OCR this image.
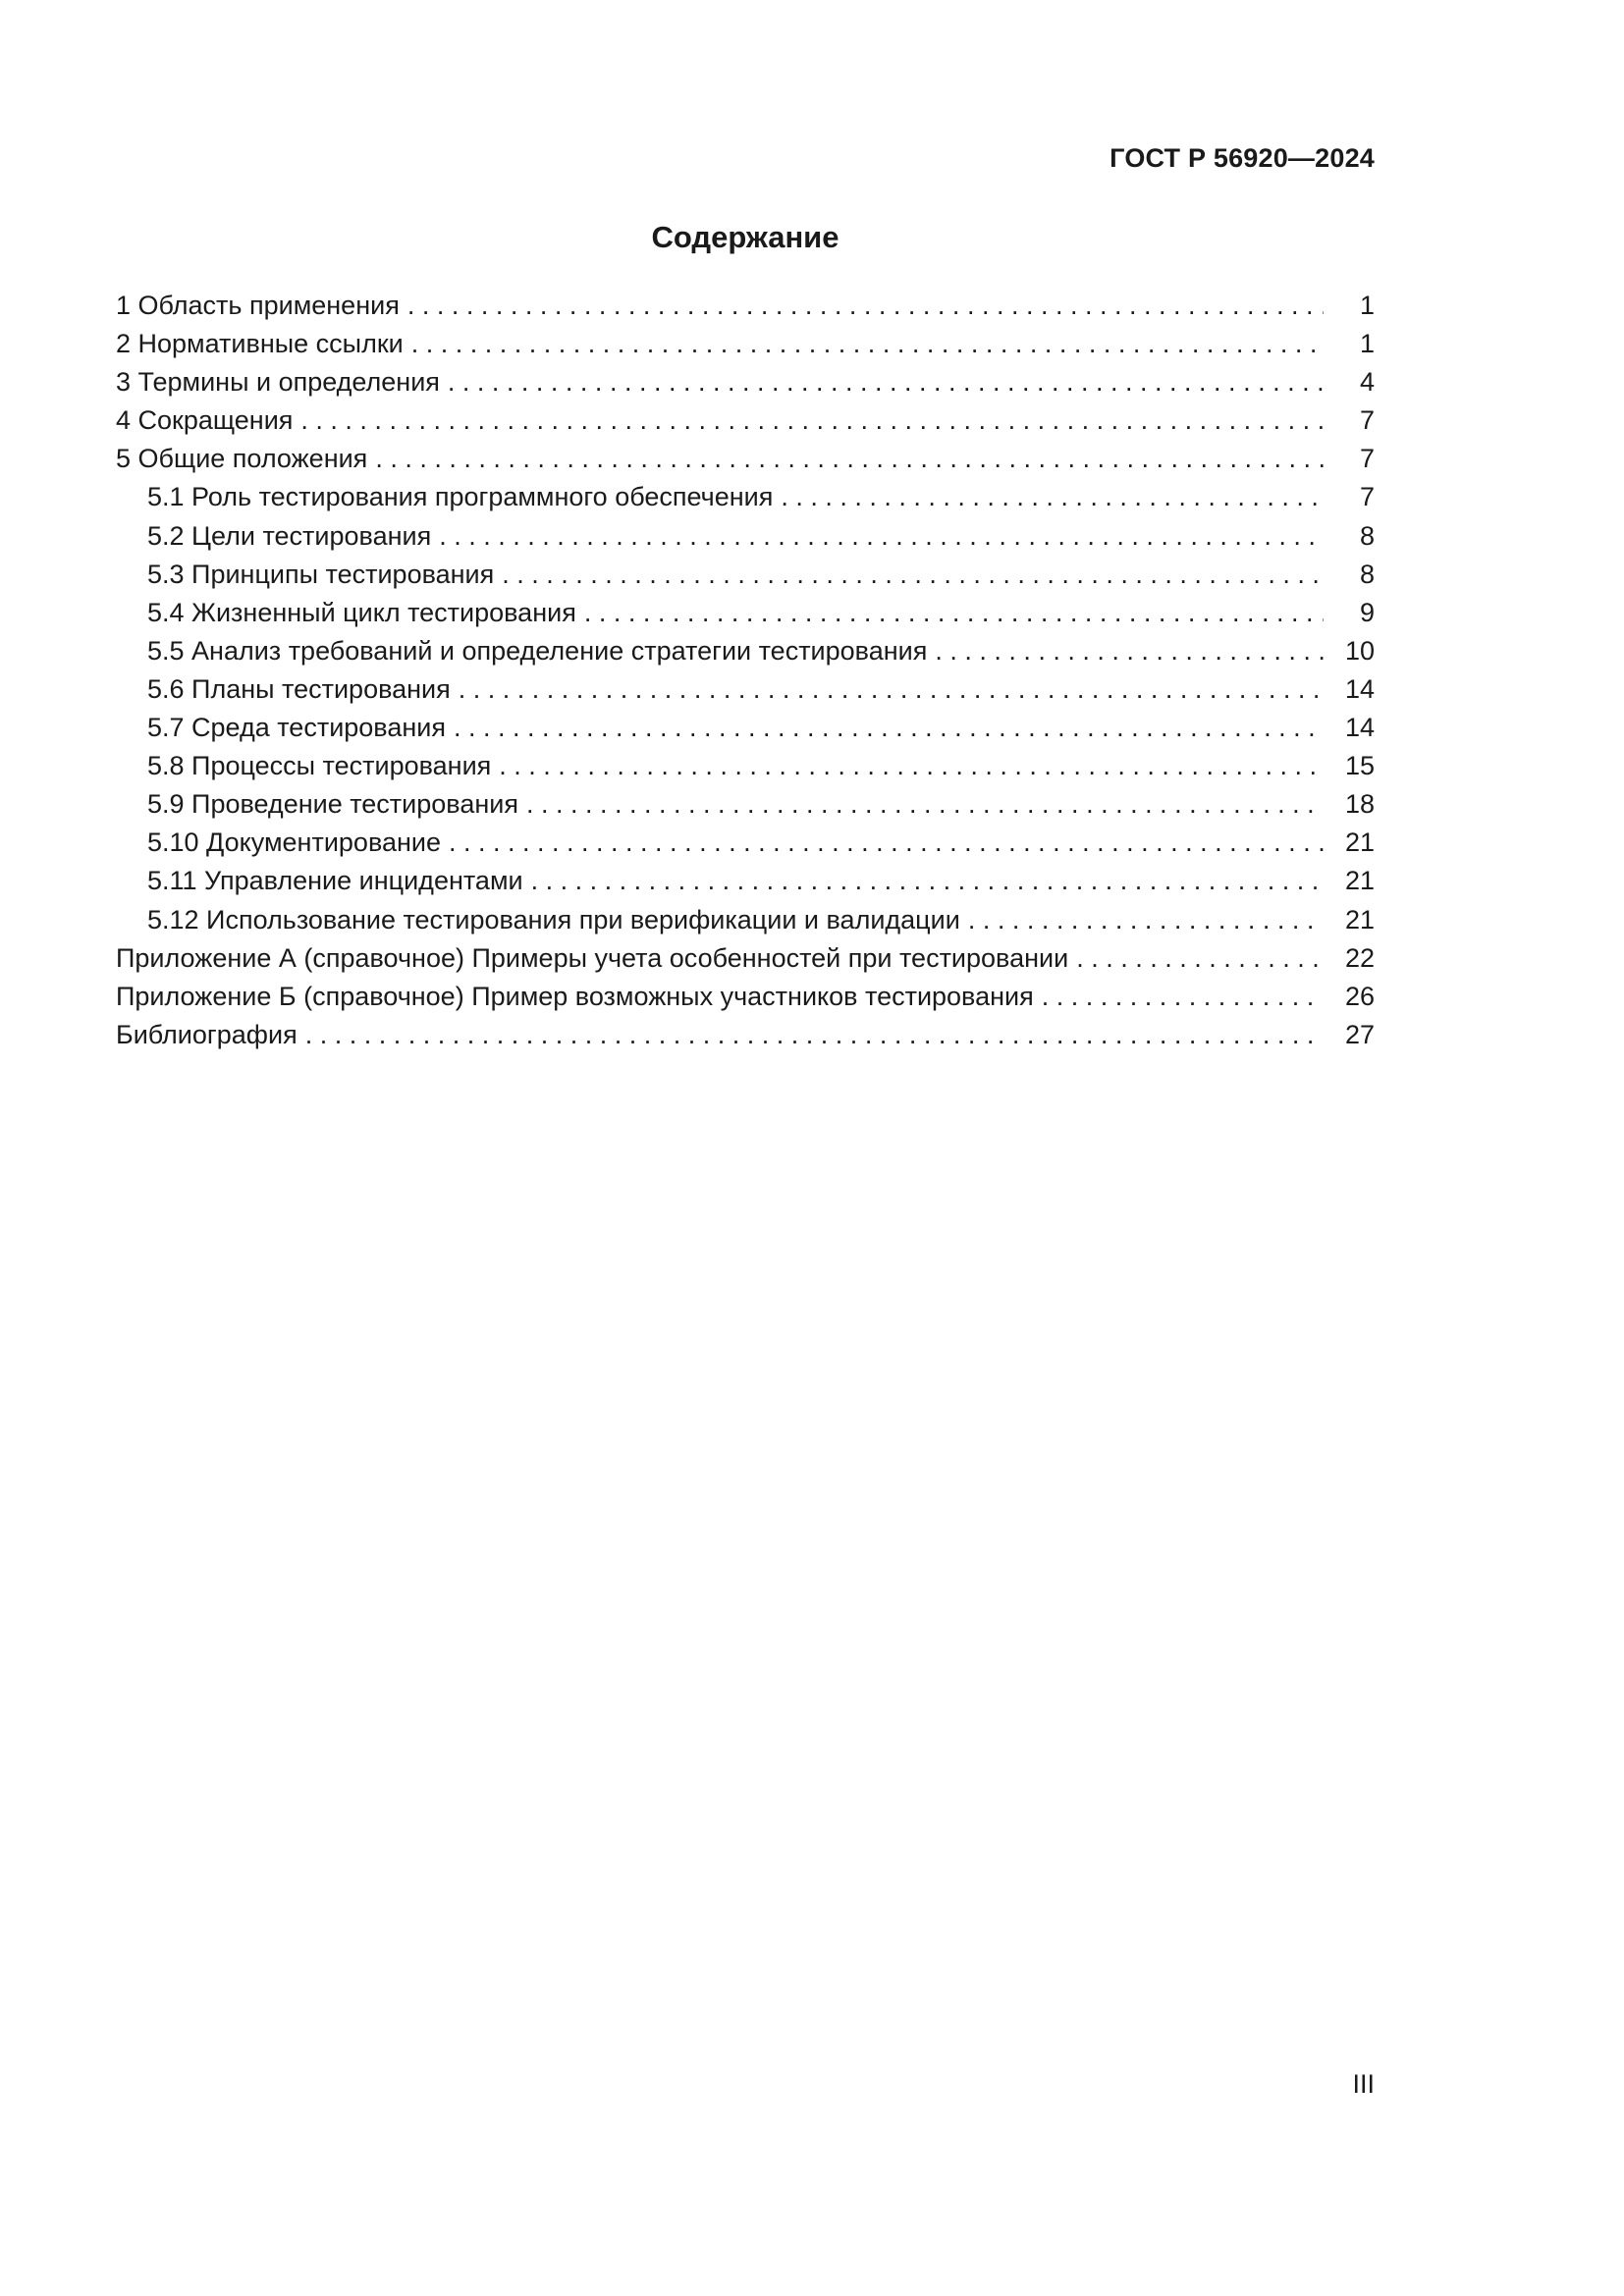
ГОСТ Р 56920—2024
Содержание
1 Область применения . . .	1
2 Нормативные ссылки . . .	1
3 Термины и определения . . .	4
4 Сокращения . . .	7
5 Общие положения . . .	7
5.1 Роль тестирования программного обеспечения . . .	7
5.2 Цели тестирования . . .	8
5.3 Принципы тестирования . . .	8
5.4 Жизненный цикл тестирования . . .	9
5.5 Анализ требований и определение стратегии тестирования . . .	10
5.6 Планы тестирования . . .	14
5.7 Среда тестирования . . .	14
5.8 Процессы тестирования . . .	15
5.9 Проведение тестирования . . .	18
5.10 Документирование . . .	21
5.11 Управление инцидентами . . .	21
5.12 Использование тестирования при верификации и валидации . . .	21
Приложение А (справочное) Примеры учета особенностей при тестировании . . .	22
Приложение Б (справочное) Пример возможных участников тестирования . . .	26
Библиография . . .	27
III
